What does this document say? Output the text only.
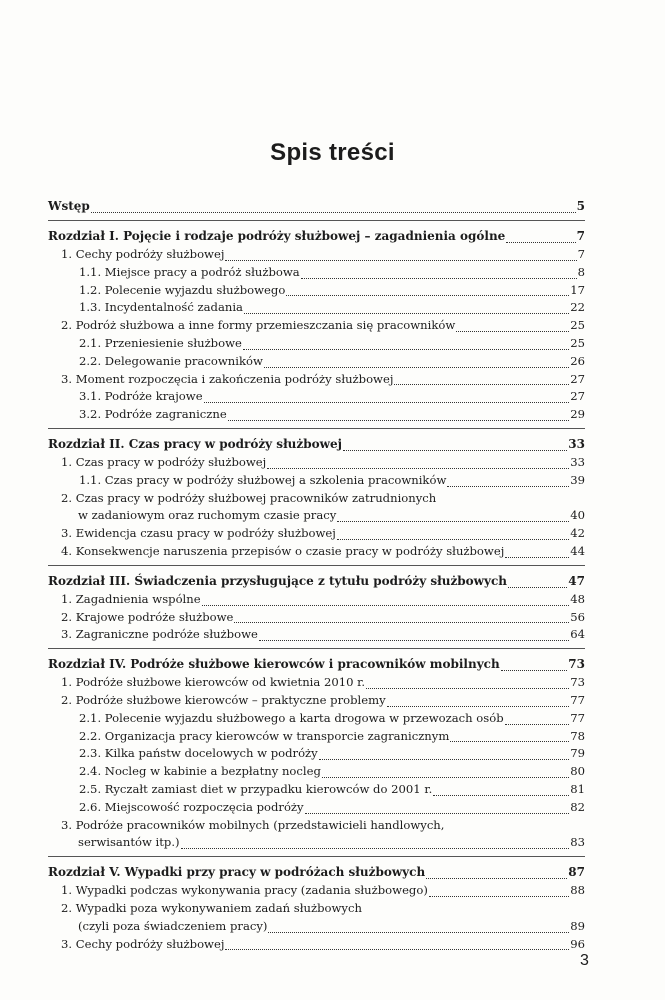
Spis treści
Wstęp	5
Rozdział I. Pojęcie i rodzaje podróży służbowej – zagadnienia ogólne	7
1. Cechy podróży służbowej	7
1.1. Miejsce pracy a podróż służbowa	8
1.2. Polecenie wyjazdu służbowego	17
1.3. Incydentalność zadania	22
2. Podróż służbowa a inne formy przemieszczania się pracowników	25
2.1. Przeniesienie służbowe	25
2.2. Delegowanie pracowników	26
3. Moment rozpoczęcia i zakończenia podróży służbowej	27
3.1. Podróże krajowe	27
3.2. Podróże zagraniczne	29
Rozdział II. Czas pracy w podróży służbowej	33
1. Czas pracy w podróży służbowej	33
1.1. Czas pracy w podróży służbowej a szkolenia pracowników	39
2. Czas pracy w podróży służbowej pracowników zatrudnionych
w zadaniowym oraz ruchomym czasie pracy	40
3. Ewidencja czasu pracy w podróży służbowej	42
4. Konsekwencje naruszenia przepisów o czasie pracy w podróży służbowej	44
Rozdział III. Świadczenia przysługujące z tytułu podróży służbowych	47
1. Zagadnienia wspólne	48
2. Krajowe podróże służbowe	56
3. Zagraniczne podróże służbowe	64
Rozdział IV. Podróże służbowe kierowców i pracowników mobilnych	73
1. Podróże służbowe kierowców od kwietnia 2010 r.	73
2. Podróże służbowe kierowców – praktyczne problemy	77
2.1. Polecenie wyjazdu służbowego a karta drogowa w przewozach osób	77
2.2. Organizacja pracy kierowców w transporcie zagranicznym	78
2.3. Kilka państw docelowych w podróży	79
2.4. Nocleg w kabinie a bezpłatny nocleg	80
2.5. Ryczałt zamiast diet w przypadku kierowców do 2001 r.	81
2.6. Miejscowość rozpoczęcia podróży	82
3. Podróże pracowników mobilnych (przedstawicieli handlowych,
serwisantów itp.)	83
Rozdział V. Wypadki przy pracy w podróżach służbowych	87
1. Wypadki podczas wykonywania pracy (zadania służbowego)	88
2. Wypadki poza wykonywaniem zadań służbowych
(czyli poza świadczeniem pracy)	89
3. Cechy podróży służbowej	96
3
